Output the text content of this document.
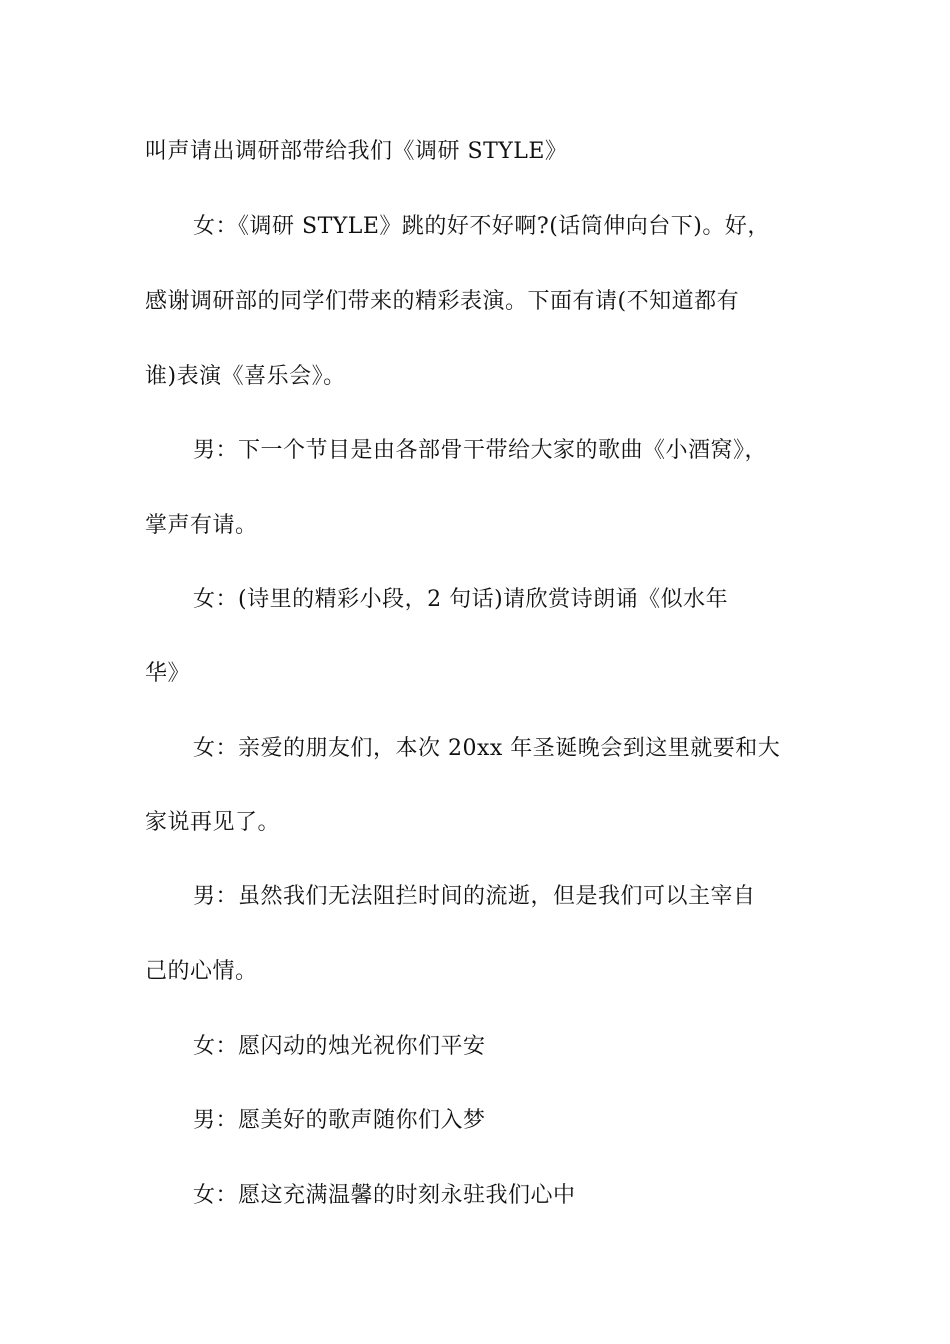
叫声请出调研部带给我们《调研 STYLE》
女：《调研 STYLE》跳的好不好啊?(话筒伸向台下)。好，
感谢调研部的同学们带来的精彩表演。下面有请(不知道都有
谁)表演《喜乐会》。
男：下一个节目是由各部骨干带给大家的歌曲《小酒窝》，
掌声有请。
女：(诗里的精彩小段，2 句话)请欣赏诗朗诵《似水年
华》
女：亲爱的朋友们，本次 20xx 年圣诞晚会到这里就要和大
家说再见了。
男：虽然我们无法阻拦时间的流逝，但是我们可以主宰自
己的心情。
女：愿闪动的烛光祝你们平安
男：愿美好的歌声随你们入梦
女：愿这充满温馨的时刻永驻我们心中
